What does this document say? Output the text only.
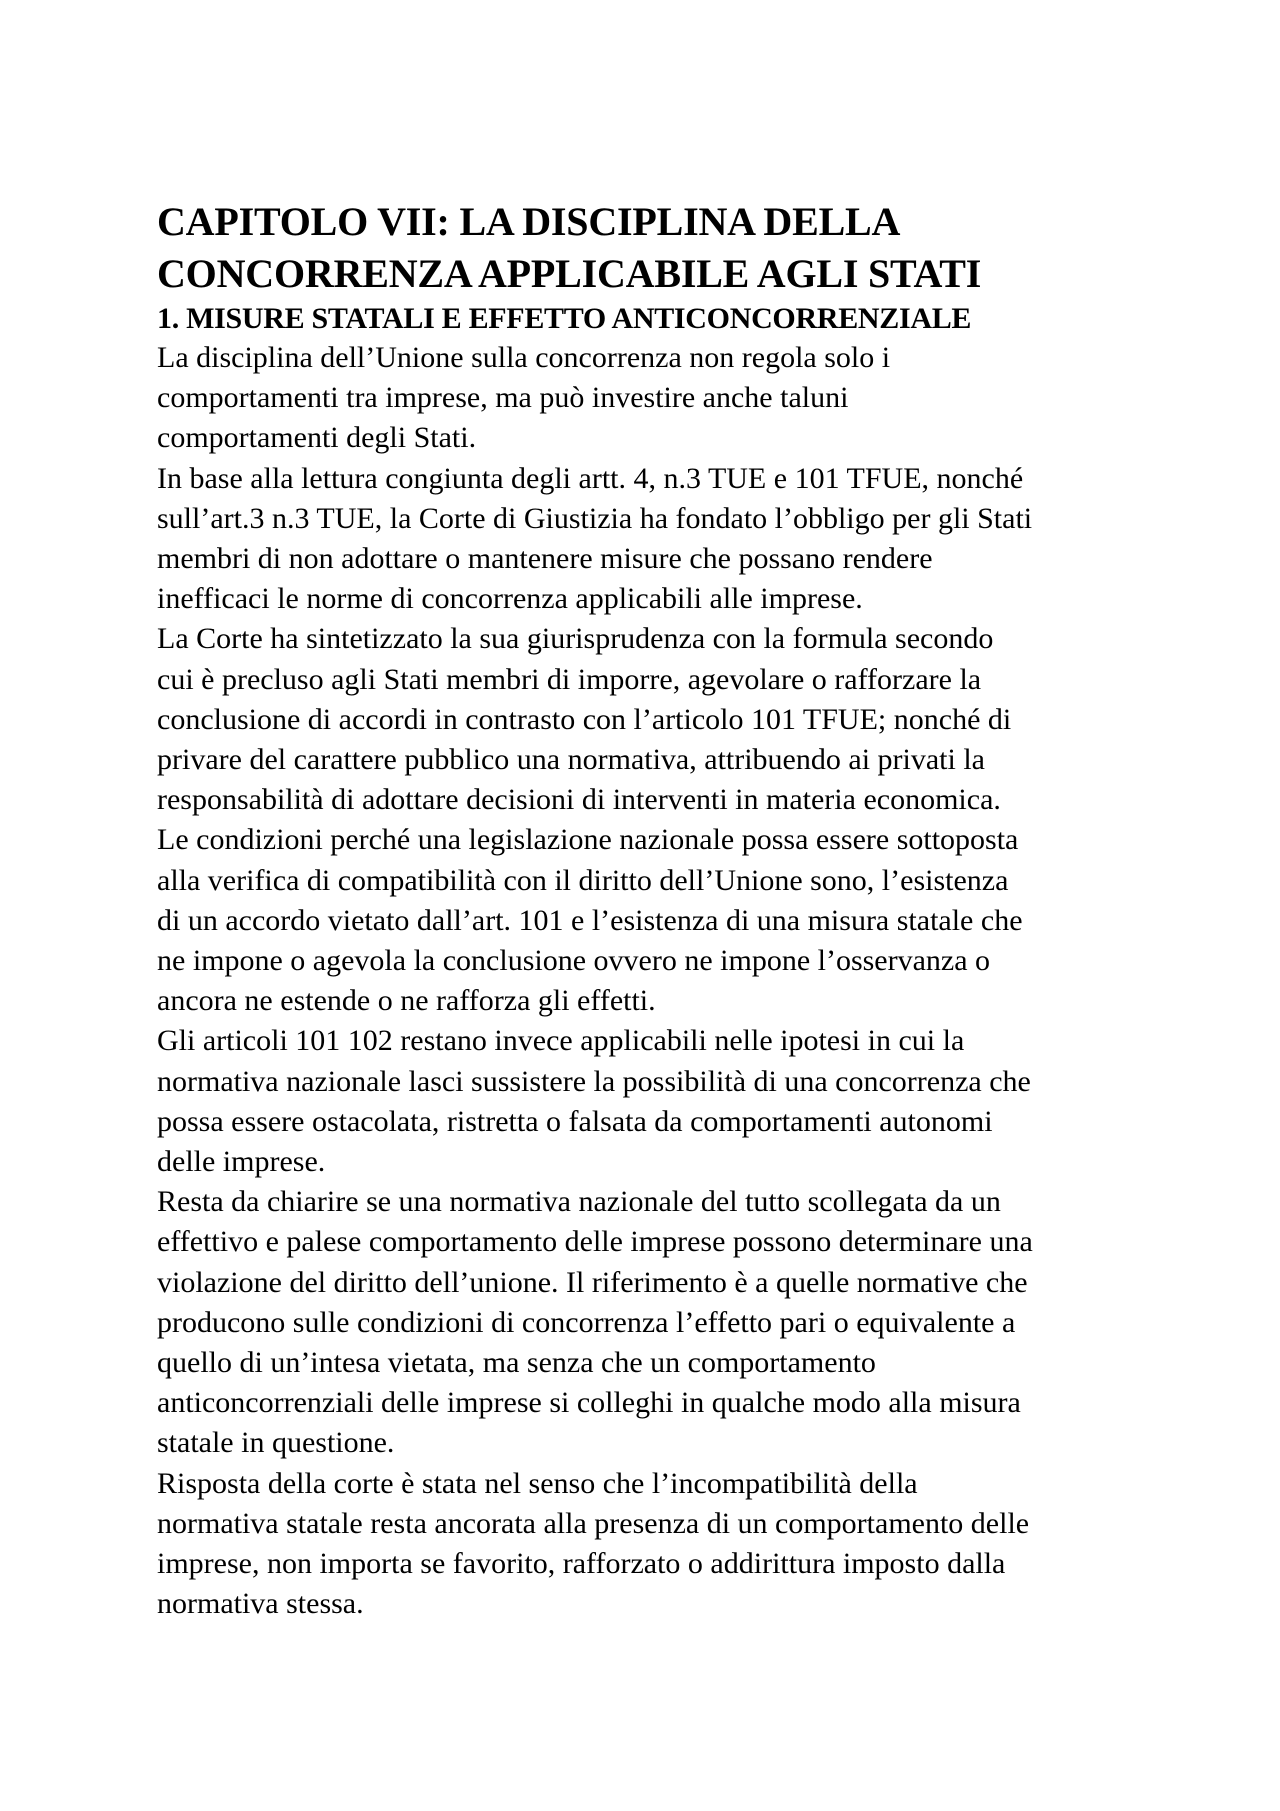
CAPITOLO VII: LA DISCIPLINA DELLA
CONCORRENZA APPLICABILE AGLI STATI
1. MISURE STATALI E EFFETTO ANTICONCORRENZIALE

La disciplina dell’Unione sulla concorrenza non regola solo i
comportamenti tra imprese, ma può investire anche taluni
comportamenti degli Stati.

In base alla lettura congiunta degli artt. 4, n.3 TUE e 101 TFUE, nonché
sull’art.3 n.3 TUE, la Corte di Giustizia ha fondato l’obbligo per gli Stati
membri di non adottare o mantenere misure che possano rendere
inefficaci le norme di concorrenza applicabili alle imprese.

La Corte ha sintetizzato la sua giurisprudenza con la formula secondo
cui è precluso agli Stati membri di imporre, agevolare o rafforzare la
conclusione di accordi in contrasto con l’articolo 101 TFUE; nonché di
privare del carattere pubblico una normativa, attribuendo ai privati la
responsabilità di adottare decisioni di interventi in materia economica.

Le condizioni perché una legislazione nazionale possa essere sottoposta
alla verifica di compatibilità con il diritto dell’Unione sono, l’esistenza
di un accordo vietato dall’art. 101 e l’esistenza di una misura statale che
ne impone o agevola la conclusione ovvero ne impone l’osservanza o
ancora ne estende o ne rafforza gli effetti.

Gli articoli 101 102 restano invece applicabili nelle ipotesi in cui la
normativa nazionale lasci sussistere la possibilità di una concorrenza che
possa essere ostacolata, ristretta o falsata da comportamenti autonomi
delle imprese.

Resta da chiarire se una normativa nazionale del tutto scollegata da un
effettivo e palese comportamento delle imprese possono determinare una
violazione del diritto dell’unione. Il riferimento è a quelle normative che
producono sulle condizioni di concorrenza l’effetto pari o equivalente a
quello di un’intesa vietata, ma senza che un comportamento
anticoncorrenziali delle imprese si colleghi in qualche modo alla misura
statale in questione.

Risposta della corte è stata nel senso che l’incompatibilità della
normativa statale resta ancorata alla presenza di un comportamento delle
imprese, non importa se favorito, rafforzato o addirittura imposto dalla
normativa stessa.
